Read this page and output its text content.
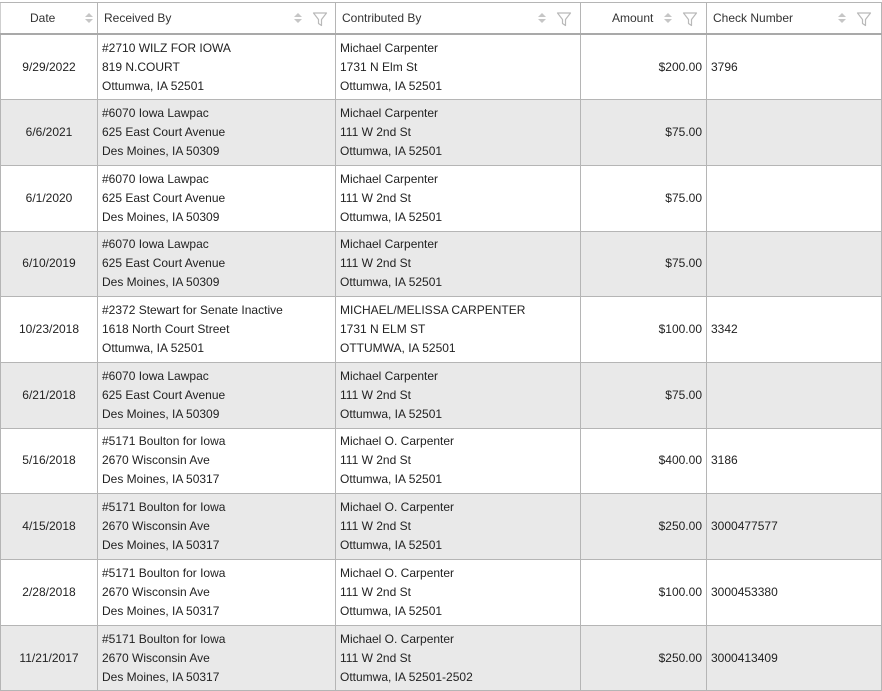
Date	Received By	Contributed By	Amount	Check Number

9/29/2022	#2710 WILZ FOR IOWA
819 N.COURT
Ottumwa, IA 52501	Michael Carpenter
1731 N Elm St
Ottumwa, IA 52501	$200.00	3796
6/6/2021	#6070 Iowa Lawpac
625 East Court Avenue
Des Moines, IA 50309	Michael Carpenter
111 W 2nd St
Ottumwa, IA 52501	$75.00	
6/1/2020	#6070 Iowa Lawpac
625 East Court Avenue
Des Moines, IA 50309	Michael Carpenter
111 W 2nd St
Ottumwa, IA 52501	$75.00	
6/10/2019	#6070 Iowa Lawpac
625 East Court Avenue
Des Moines, IA 50309	Michael Carpenter
111 W 2nd St
Ottumwa, IA 52501	$75.00	
10/23/2018	#2372 Stewart for Senate Inactive
1618 North Court Street
Ottumwa, IA 52501	MICHAEL/MELISSA CARPENTER
1731 N ELM ST
OTTUMWA, IA 52501	$100.00	3342
6/21/2018	#6070 Iowa Lawpac
625 East Court Avenue
Des Moines, IA 50309	Michael Carpenter
111 W 2nd St
Ottumwa, IA 52501	$75.00	
5/16/2018	#5171 Boulton for Iowa
2670 Wisconsin Ave
Des Moines, IA 50317	Michael O. Carpenter
111 W 2nd St
Ottumwa, IA 52501	$400.00	3186
4/15/2018	#5171 Boulton for Iowa
2670 Wisconsin Ave
Des Moines, IA 50317	Michael O. Carpenter
111 W 2nd St
Ottumwa, IA 52501	$250.00	3000477577
2/28/2018	#5171 Boulton for Iowa
2670 Wisconsin Ave
Des Moines, IA 50317	Michael O. Carpenter
111 W 2nd St
Ottumwa, IA 52501	$100.00	3000453380
11/21/2017	#5171 Boulton for Iowa
2670 Wisconsin Ave
Des Moines, IA 50317	Michael O. Carpenter
111 W 2nd St
Ottumwa, IA 52501-2502	$250.00	3000413409
